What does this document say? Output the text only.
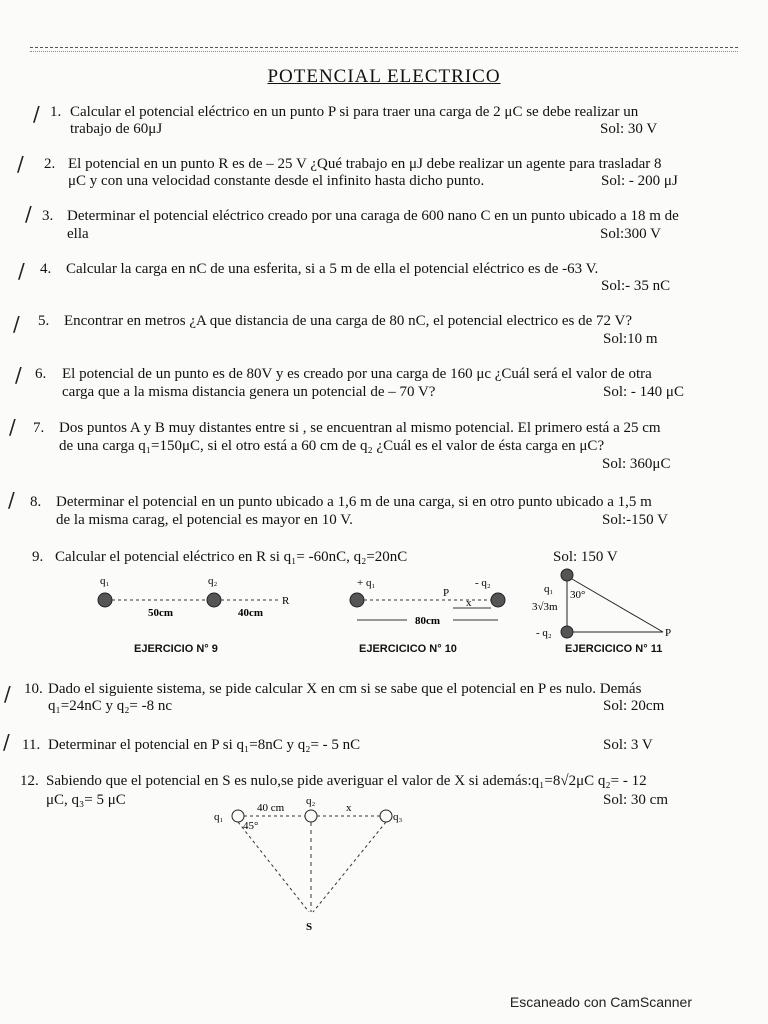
POTENCIAL ELECTRICO
/
/
/
/
/
/
/
/
/
/
1. Calcular el potencial eléctrico en un punto P si para traer una carga de 2 μC se debe realizar un
trabajo de 60μJ	Sol: 30 V
2. El potencial en un punto R es de – 25 V ¿Qué trabajo en μJ debe realizar un agente para trasladar 8
μC y con una velocidad constante desde el infinito hasta dicho punto.	Sol: - 200 μJ
3. Determinar el potencial eléctrico creado por una caraga de 600 nano C en un punto ubicado a 18 m de
ella	Sol:300 V
4. Calcular la carga en nC de una esferita, si a 5 m de ella el potencial eléctrico es de -63 V.
Sol:- 35 nC
5. Encontrar en metros ¿A que distancia de una carga de 80 nC, el potencial electrico es de 72 V?
Sol:10 m
6. El potencial de un punto es de 80V y es creado por una carga de 160 μc ¿Cuál será el valor de otra
carga que a la misma distancia genera un potencial de – 70 V?	Sol: - 140 μC
7. Dos puntos A y B muy distantes entre si , se encuentran al mismo potencial. El primero está a 25 cm
de una carga q₁=150μC, si el otro está a 60 cm de q₂ ¿Cuál es el valor de ésta carga en μC?
Sol: 360μC
8. Determinar el potencial en un punto ubicado a 1,6 m de una carga, si en otro punto ubicado a 1,5 m
de la misma carag, el potencial es mayor en 10 V.	Sol:-150 V
9. Calcular el potencial eléctrico en R si q₁= -60nC, q₂=20nC	Sol: 150 V
q₁	q₂
R
50cm	40cm
EJERCICIO N° 9
+ q₁	- q₂
P
x
80cm
EJERCICICO N° 10
q₁
- q₂	P
30°
3√3m
EJERCICICO N° 11
10. Dado el siguiente sistema, se pide calcular X en cm si se sabe que el potencial en P es nulo. Demás
q₁=24nC y q₂= -8 nc	Sol: 20cm
11. Determinar el potencial en P si q₁=8nC y q₂= - 5 nC	Sol: 3 V
12. Sabiendo que el potencial en S es nulo,se pide averiguar el valor de X si además:q₁=8√2μC q₂= - 12
μC, q₃= 5 μC	Sol: 30 cm
q₁
q₂
q₃
40 cm	x
45°
S
Escaneado con CamScanner
